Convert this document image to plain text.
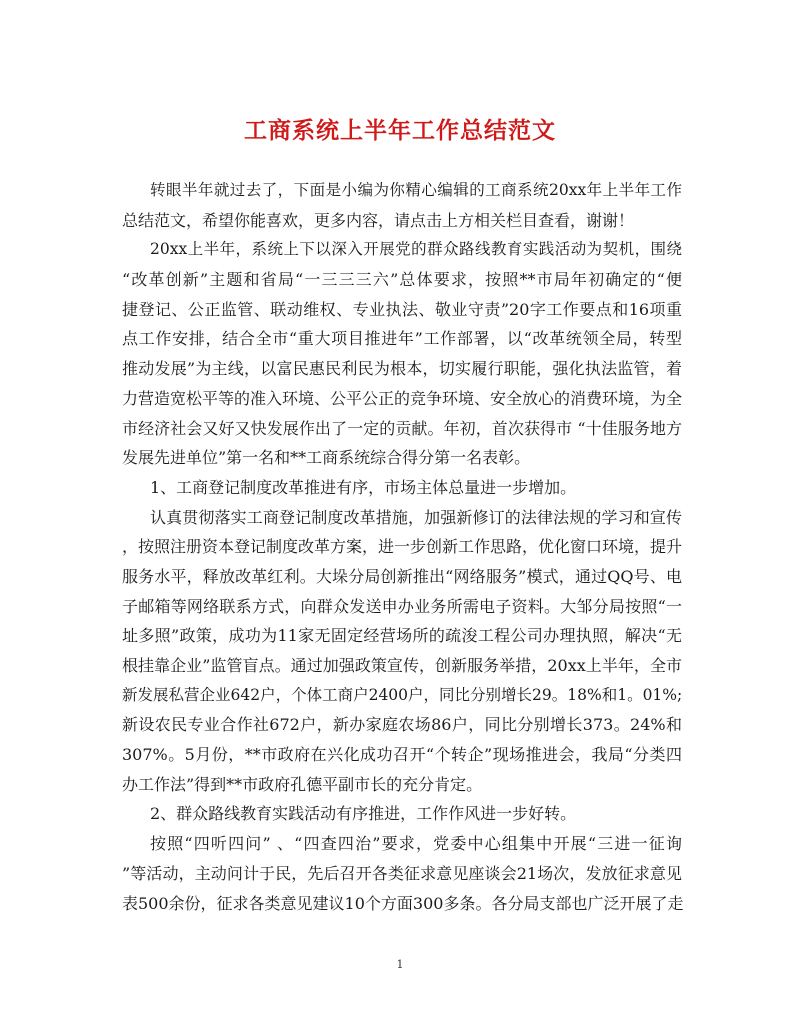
工商系统上半年工作总结范文
转眼半年就过去了，下面是小编为你精心编辑的工商系统20xx年上半年工作
总结范文，希望你能喜欢，更多内容，请点击上方相关栏目查看，谢谢！
20xx上半年，系统上下以深入开展党的群众路线教育实践活动为契机，围绕
“改革创新”主题和省局“一三三三六”总体要求，按照**市局年初确定的“便
捷登记、公正监管、联动维权、专业执法、敬业守责”20字工作要点和16项重
点工作安排，结合全市“重大项目推进年”工作部署，以“改革统领全局，转型
推动发展”为主线，以富民惠民利民为根本，切实履行职能，强化执法监管，着
力营造宽松平等的准入环境、公平公正的竞争环境、安全放心的消费环境，为全
市经济社会又好又快发展作出了一定的贡献。年初，首次获得市 “十佳服务地方
发展先进单位”第一名和**工商系统综合得分第一名表彰。
1、工商登记制度改革推进有序，市场主体总量进一步增加。
认真贯彻落实工商登记制度改革措施，加强新修订的法律法规的学习和宣传
，按照注册资本登记制度改革方案，进一步创新工作思路，优化窗口环境，提升
服务水平，释放改革红利。大垛分局创新推出“网络服务”模式，通过QQ号、电
子邮箱等网络联系方式，向群众发送申办业务所需电子资料。大邹分局按照“一
址多照”政策，成功为11家无固定经营场所的疏浚工程公司办理执照，解决“无
根挂靠企业”监管盲点。通过加强政策宣传，创新服务举措，20xx上半年，全市
新发展私营企业642户，个体工商户2400户，同比分别增长29。18%和1。01%;
新设农民专业合作社672户，新办家庭农场86户，同比分别增长373。24%和
307%。5月份，**市政府在兴化成功召开“个转企”现场推进会，我局“分类四
办工作法”得到**市政府孔德平副市长的充分肯定。
2、群众路线教育实践活动有序推进，工作作风进一步好转。
按照“四听四问” 、“四查四治”要求，党委中心组集中开展“三进一征询
”等活动，主动问计于民，先后召开各类征求意见座谈会21场次，发放征求意见
表500余份，征求各类意见建议10个方面300多条。各分局支部也广泛开展了走
1
